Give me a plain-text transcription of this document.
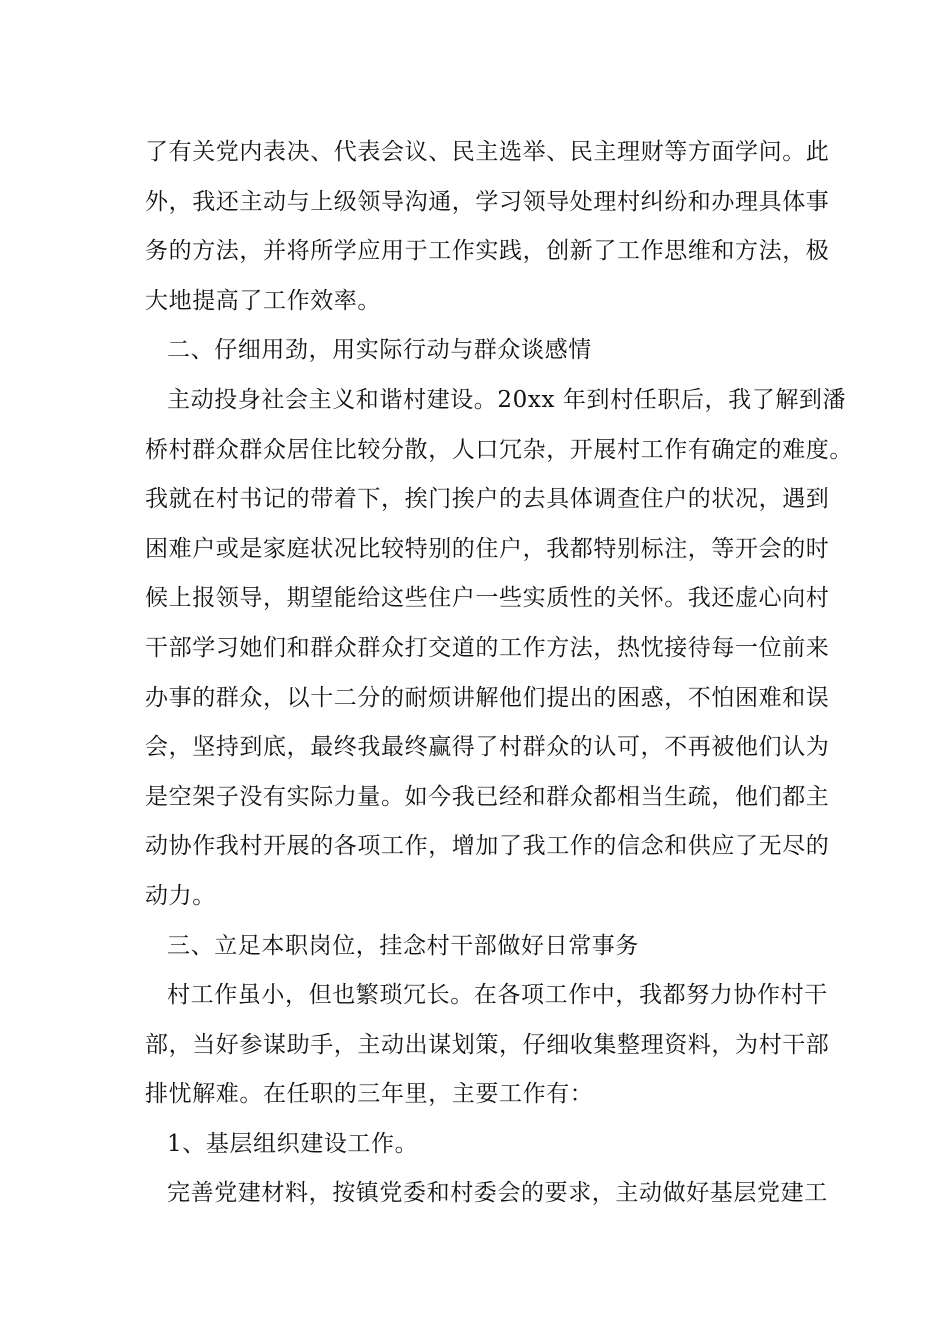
了有关党内表决、代表会议、民主选举、民主理财等方面学问。此
外，我还主动与上级领导沟通，学习领导处理村纠纷和办理具体事
务的方法，并将所学应用于工作实践，创新了工作思维和方法，极
大地提高了工作效率。
二、仔细用劲，用实际行动与群众谈感情
主动投身社会主义和谐村建设。20xx 年到村任职后，我了解到潘
桥村群众群众居住比较分散，人口冗杂，开展村工作有确定的难度。
我就在村书记的带着下，挨门挨户的去具体调查住户的状况，遇到
困难户或是家庭状况比较特别的住户，我都特别标注，等开会的时
候上报领导，期望能给这些住户一些实质性的关怀。我还虚心向村
干部学习她们和群众群众打交道的工作方法，热忱接待每一位前来
办事的群众，以十二分的耐烦讲解他们提出的困惑，不怕困难和误
会，坚持到底，最终我最终赢得了村群众的认可，不再被他们认为
是空架子没有实际力量。如今我已经和群众都相当生疏，他们都主
动协作我村开展的各项工作，增加了我工作的信念和供应了无尽的
动力。
三、立足本职岗位，挂念村干部做好日常事务
村工作虽小，但也繁琐冗长。在各项工作中，我都努力协作村干
部，当好参谋助手，主动出谋划策，仔细收集整理资料，为村干部
排忧解难。在任职的三年里，主要工作有：
1、基层组织建设工作。
完善党建材料，按镇党委和村委会的要求，主动做好基层党建工
